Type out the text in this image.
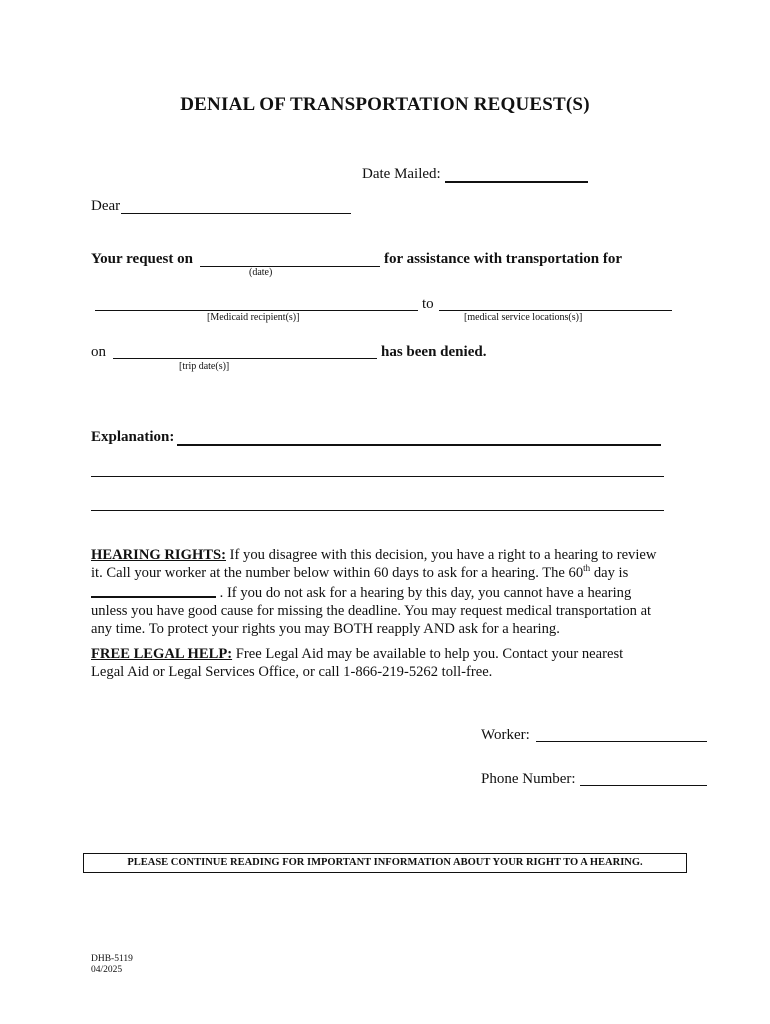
DENIAL OF TRANSPORTATION REQUEST(S)
Date Mailed:
Dear
Your request on	for assistance with transportation for
(date)
to
[Medicaid recipient(s)]	[medical service locations(s)]
on	has been denied.
[trip date(s)]
Explanation:
HEARING RIGHTS: If you disagree with this decision, you have a right to a hearing to review
it. Call your worker at the number below within 60 days to ask for a hearing. The 60th day is
. If you do not ask for a hearing by this day, you cannot have a hearing
unless you have good cause for missing the deadline. You may request medical transportation at
any time. To protect your rights you may BOTH reapply AND ask for a hearing.
FREE LEGAL HELP: Free Legal Aid may be available to help you. Contact your nearest
Legal Aid or Legal Services Office, or call 1-866-219-5262 toll-free.
Worker:
Phone Number:
PLEASE CONTINUE READING FOR IMPORTANT INFORMATION ABOUT YOUR RIGHT TO A HEARING.
DHB-5119
04/2025
